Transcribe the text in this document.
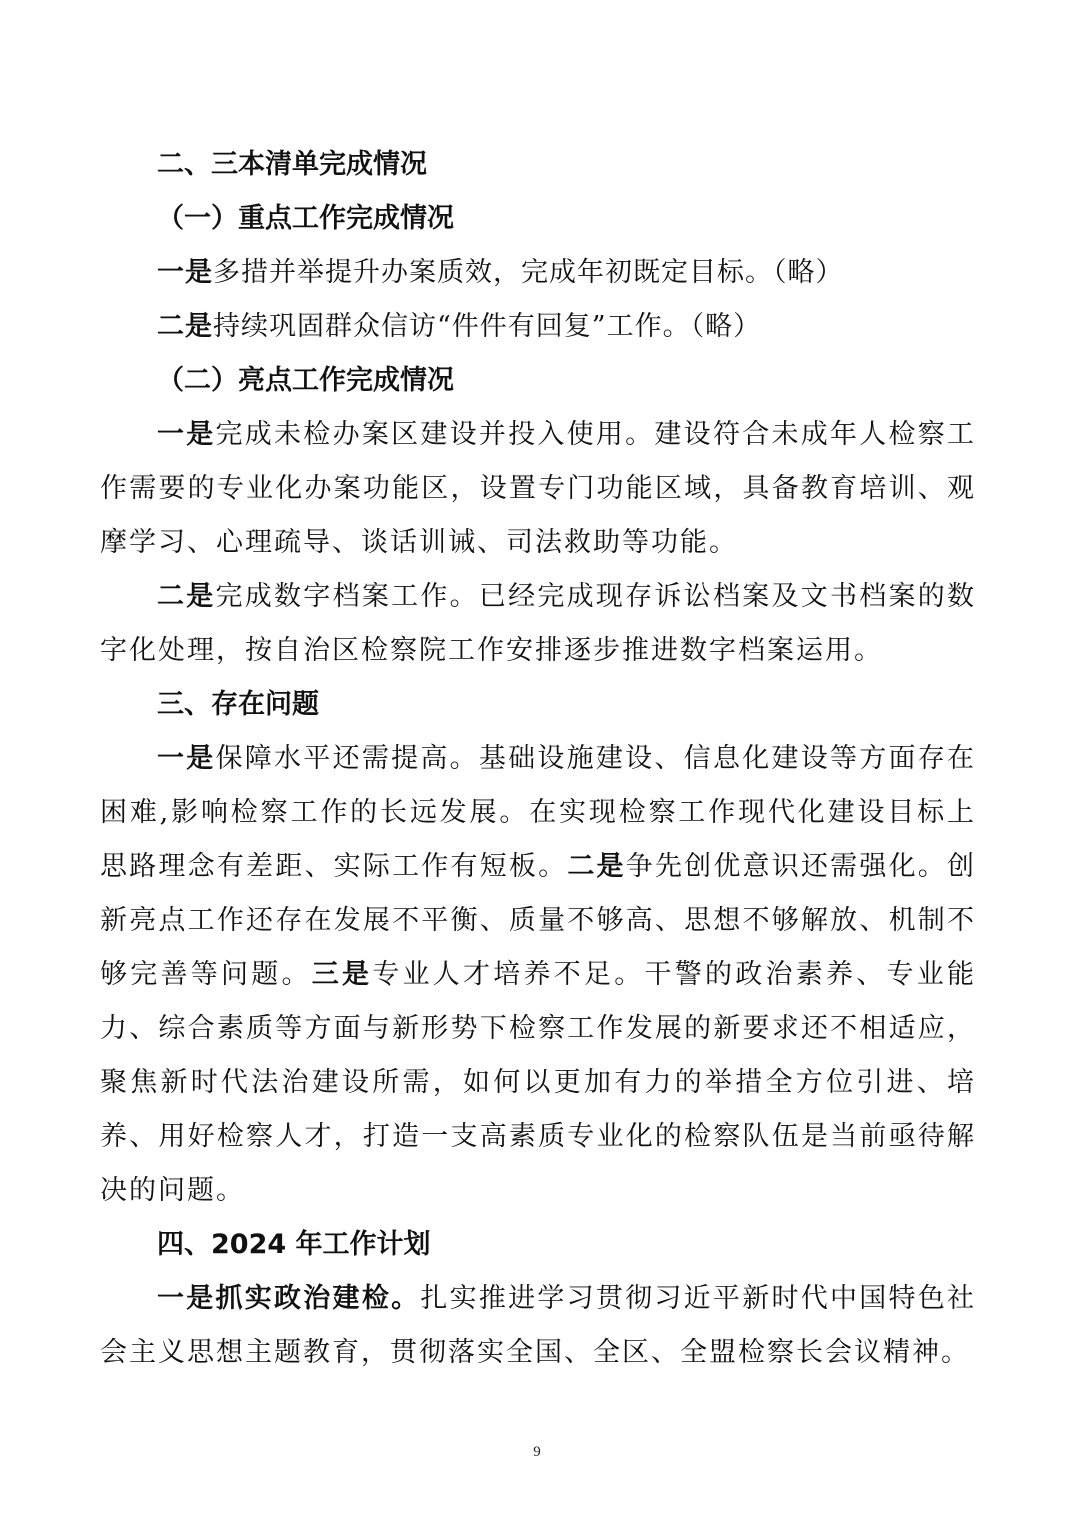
二、三本清单完成情况

（一）重点工作完成情况

一是多措并举提升办案质效，完成年初既定目标。（略）

二是持续巩固群众信访“件件有回复”工作。（略）

（二）亮点工作完成情况

一是完成未检办案区建设并投入使用。建设符合未成年人检察工作需要的专业化办案功能区，设置专门功能区域，具备教育培训、观摩学习、心理疏导、谈话训诫、司法救助等功能。

二是完成数字档案工作。已经完成现存诉讼档案及文书档案的数字化处理，按自治区检察院工作安排逐步推进数字档案运用。

三、存在问题

一是保障水平还需提高。基础设施建设、信息化建设等方面存在困难,影响检察工作的长远发展。在实现检察工作现代化建设目标上思路理念有差距、实际工作有短板。二是争先创优意识还需强化。创新亮点工作还存在发展不平衡、质量不够高、思想不够解放、机制不够完善等问题。三是专业人才培养不足。干警的政治素养、专业能力、综合素质等方面与新形势下检察工作发展的新要求还不相适应，聚焦新时代法治建设所需，如何以更加有力的举措全方位引进、培养、用好检察人才，打造一支高素质专业化的检察队伍是当前亟待解决的问题。

四、2024 年工作计划

一是抓实政治建检。扎实推进学习贯彻习近平新时代中国特色社会主义思想主题教育，贯彻落实全国、全区、全盟检察长会议精神。

9
